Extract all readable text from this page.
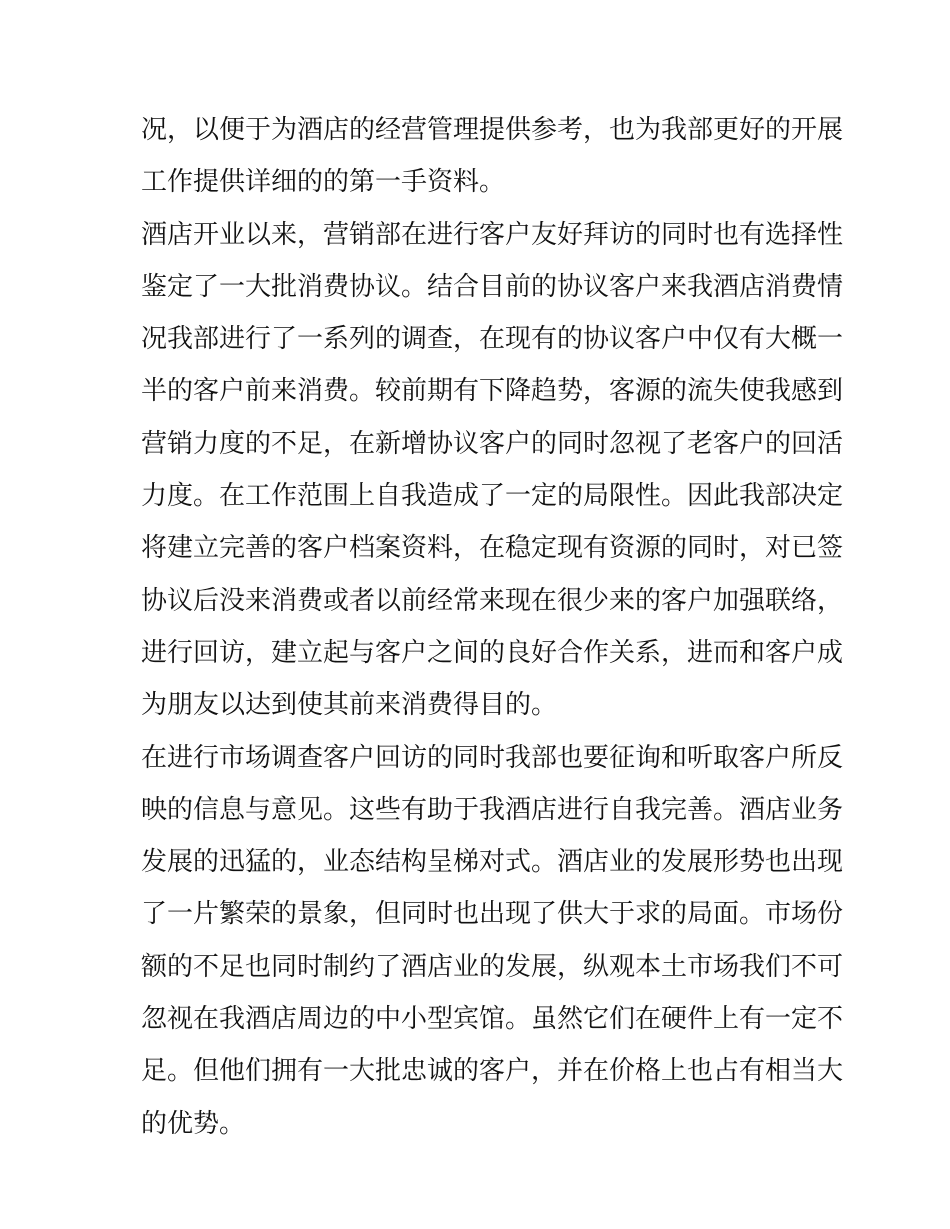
况，以便于为酒店的经营管理提供参考，也为我部更好的开展
工作提供详细的的第一手资料。
酒店开业以来，营销部在进行客户友好拜访的同时也有选择性
鉴定了一大批消费协议。结合目前的协议客户来我酒店消费情
况我部进行了一系列的调查，在现有的协议客户中仅有大概一
半的客户前来消费。较前期有下降趋势，客源的流失使我感到
营销力度的不足，在新增协议客户的同时忽视了老客户的回活
力度。在工作范围上自我造成了一定的局限性。因此我部决定
将建立完善的客户档案资料，在稳定现有资源的同时，对已签
协议后没来消费或者以前经常来现在很少来的客户加强联络，
进行回访，建立起与客户之间的良好合作关系，进而和客户成
为朋友以达到使其前来消费得目的。
在进行市场调查客户回访的同时我部也要征询和听取客户所反
映的信息与意见。这些有助于我酒店进行自我完善。酒店业务
发展的迅猛的，业态结构呈梯对式。酒店业的发展形势也出现
了一片繁荣的景象，但同时也出现了供大于求的局面。市场份
额的不足也同时制约了酒店业的发展，纵观本土市场我们不可
忽视在我酒店周边的中小型宾馆。虽然它们在硬件上有一定不
足。但他们拥有一大批忠诚的客户，并在价格上也占有相当大
的优势。
